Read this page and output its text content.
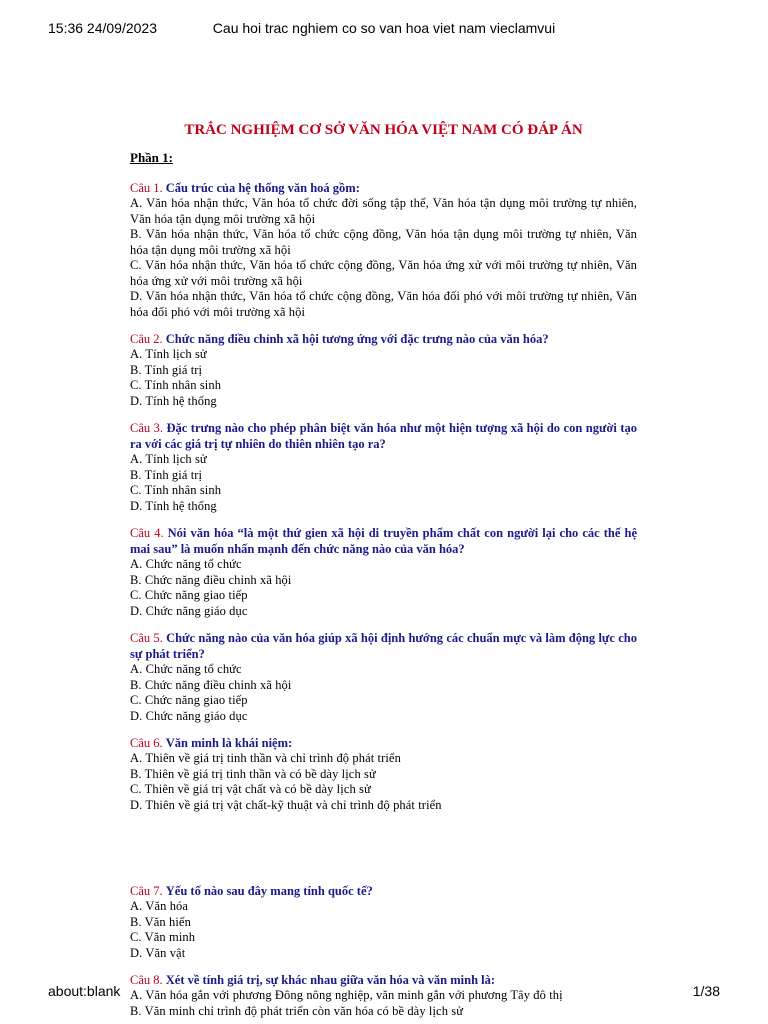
15:36 24/09/2023	Cau hoi trac nghiem co so van hoa viet nam vieclamvui
TRẮC NGHIỆM CƠ SỞ VĂN HÓA VIỆT NAM CÓ ĐÁP ÁN
Phần 1:

Câu 1. Cấu trúc của hệ thống văn hoá gồm:

A. Văn hóa nhận thức, Văn hóa tổ chức đời sống tập thể, Văn hóa tận dụng môi trường tự nhiên, Văn hóa tận dụng môi trường xã hội

B. Văn hóa nhận thức, Văn hóa tổ chức cộng đồng, Văn hóa tận dụng môi trường tự nhiên, Văn hóa tận dụng môi trường xã hội

C. Văn hóa nhận thức, Văn hóa tổ chức cộng đồng, Văn hóa ứng xử với môi trường tự nhiên, Văn hóa ứng xử với môi trường xã hội

D. Văn hóa nhận thức, Văn hóa tổ chức cộng đồng, Văn hóa đối phó với môi trường tự nhiên, Văn hóa đối phó với môi trường xã hội

Câu 2. Chức năng điều chỉnh xã hội tương ứng với đặc trưng nào của văn hóa?

A. Tính lịch sử

B. Tính giá trị

C. Tính nhân sinh

D. Tính hệ thống

Câu 3. Đặc trưng nào cho phép phân biệt văn hóa như một hiện tượng xã hội do con người tạo ra với các giá trị tự nhiên do thiên nhiên tạo ra?

A. Tính lịch sử

B. Tính giá trị

C. Tính nhân sinh

D. Tính hệ thống

Câu 4. Nói văn hóa “là một thứ gien xã hội di truyền phẩm chất con người lại cho các thế hệ mai sau” là muốn nhấn mạnh đến chức năng nào của văn hóa?

A. Chức năng tổ chức

B. Chức năng điều chỉnh xã hội

C. Chức năng giao tiếp

D. Chức năng giáo dục

Câu 5. Chức năng nào của văn hóa giúp xã hội định hướng các chuẩn mực và làm động lực cho sự phát triển?

A. Chức năng tổ chức

B. Chức năng điều chỉnh xã hội

C. Chức năng giao tiếp

D. Chức năng giáo dục

Câu 6. Văn minh là khái niệm:

A. Thiên về giá trị tinh thần và chỉ trình độ phát triển

B. Thiên về giá trị tinh thần và có bề dày lịch sử

C. Thiên về giá trị vật chất và có bề dày lịch sử

D. Thiên về giá trị vật chất-kỹ thuật và chỉ trình độ phát triển

Câu 7. Yếu tố nào sau đây mang tính quốc tế?

A. Văn hóa

B. Văn hiến

C. Văn minh

D. Văn vật

Câu 8. Xét về tính giá trị, sự khác nhau giữa văn hóa và văn minh là:

A. Văn hóa gắn với phương Đông nông nghiệp, văn minh gắn với phương Tây đô thị

B. Văn minh chỉ trình độ phát triển còn văn hóa có bề dày lịch sử

about:blank	1/38
